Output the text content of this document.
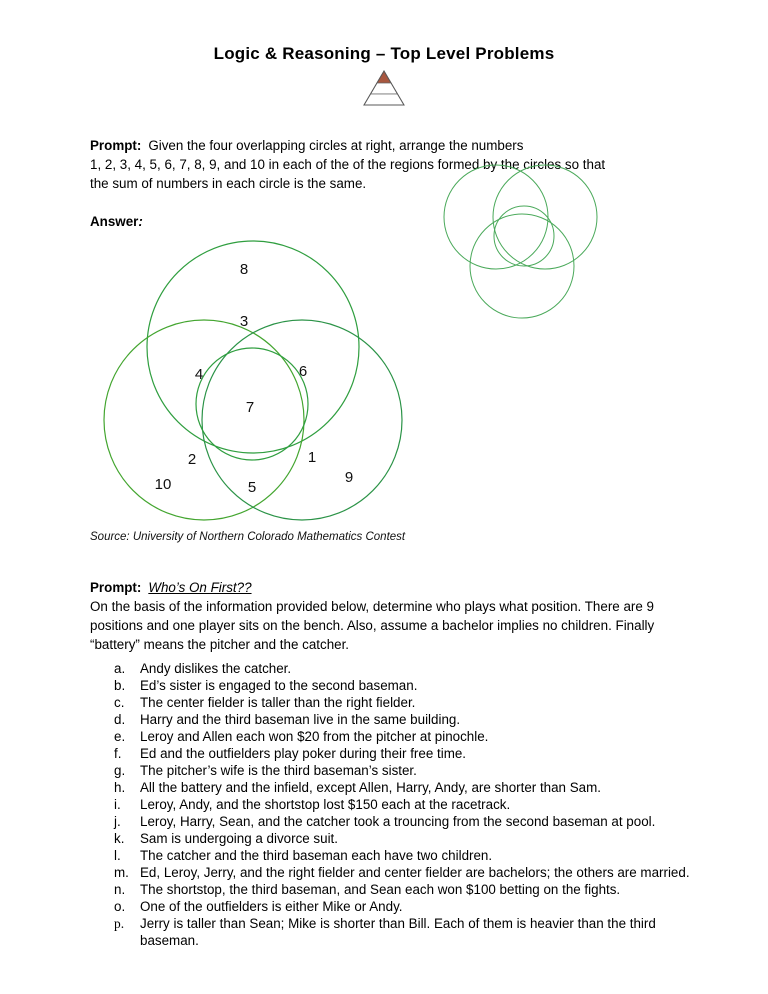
Logic & Reasoning – Top Level Problems

Prompt: Given the four overlapping circles at right, arrange the numbers
1, 2, 3, 4, 5, 6, 7, 8, 9, and 10 in each of the of the regions formed by the circles so that
the sum of numbers in each circle is the same.

Answer:

8
3
4	6
7
2	1
10	5
9

Source: University of Northern Colorado Mathematics Contest

Prompt: Who’s On First??

On the basis of the information provided below, determine who plays what position. There are 9
positions and one player sits on the bench. Also, assume a bachelor implies no children. Finally
“battery” means the pitcher and the catcher.

a.	Andy dislikes the catcher.
b.	Ed’s sister is engaged to the second baseman.
c.	The center fielder is taller than the right fielder.
d.	Harry and the third baseman live in the same building.
e.	Leroy and Allen each won $20 from the pitcher at pinochle.
f.	Ed and the outfielders play poker during their free time.
g.	The pitcher’s wife is the third baseman’s sister.
h.	All the battery and the infield, except Allen, Harry, Andy, are shorter than Sam.
i.	Leroy, Andy, and the shortstop lost $150 each at the racetrack.
j.	Leroy, Harry, Sean, and the catcher took a trouncing from the second baseman at pool.
k.	Sam is undergoing a divorce suit.
l.	The catcher and the third baseman each have two children.
m. Ed, Leroy, Jerry, and the right fielder and center fielder are bachelors; the others are married.
n.	The shortstop, the third baseman, and Sean each won $100 betting on the fights.
o.	One of the outfielders is either Mike or Andy.
p.	Jerry is taller than Sean; Mike is shorter than Bill. Each of them is heavier than the third baseman.
